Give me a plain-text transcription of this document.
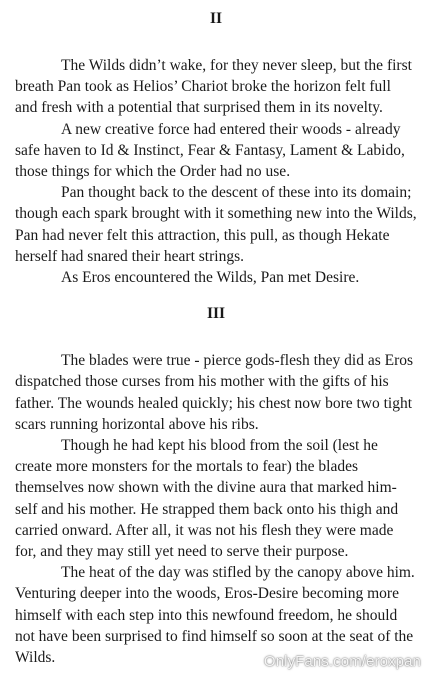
II

The Wilds didn’t wake, for they never sleep, but the first breath Pan took as Helios’ Chariot broke the horizon felt full and fresh with a potential that surprised them in its novelty.

A new creative force had entered their woods - already safe haven to Id & Instinct, Fear & Fantasy, Lament & Labido, those things for which the Order had no use.

Pan thought back to the descent of these into its domain; though each spark brought with it something new into the Wilds, Pan had never felt this attraction, this pull, as though Hekate herself had snared their heart strings.

As Eros encountered the Wilds, Pan met Desire.

III

The blades were true - pierce gods-flesh they did as Eros dispatched those curses from his mother with the gifts of his father. The wounds healed quickly; his chest now bore two tight scars running horizontal above his ribs.

Though he had kept his blood from the soil (lest he create more monsters for the mortals to fear) the blades themselves now shown with the divine aura that marked him-self and his mother. He strapped them back onto his thigh and carried onward. After all, it was not his flesh they were made for, and they may still yet need to serve their purpose.

The heat of the day was stifled by the canopy above him. Venturing deeper into the woods, Eros-Desire becoming more himself with each step into this newfound freedom, he should not have been surprised to find himself so soon at the seat of the Wilds.	OnlyFans.com/eroxpan
